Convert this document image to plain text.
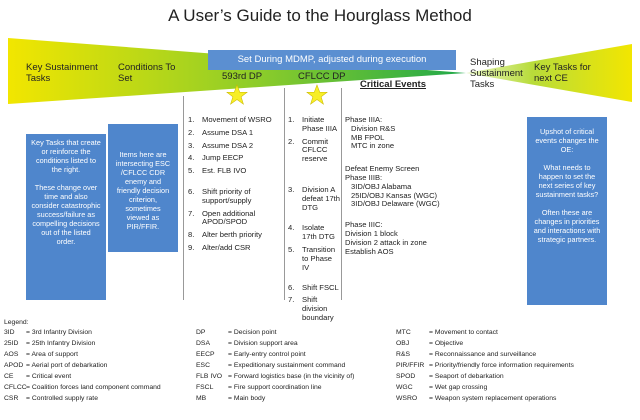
A User’s Guide to the Hourglass Method
Set During MDMP, adjusted during execution
Key Sustainment Tasks
Conditions To Set
Shaping Sustainment Tasks
Key Tasks for next CE
593rd DP	CFLCC DP
Critical Events

Key Tasks that create or reinforce the conditions listed to the right.

These change over time and also consider catastrophic success/failure as compelling decisions out of the listed order.

Items here are intersecting ESC /CFLCC CDR enemy and friendly decision criterion, sometimes viewed as PIR/FFIR.

Upshot of critical events changes the OE:

What needs to happen to set the next series of key sustainment tasks?

Often these are changes in priorities and interactions with strategic partners.

1. Movement of WSRO
2. Assume DSA 1
3. Assume DSA 2
4. Jump EECP
5. Est. FLB IVO
6. Shift priority of support/supply
7. Open additional APOD/SPOD
8. Alter berth priority
9. Alter/add CSR
1. Initiate Phase IIIA
2. Commit CFLCC reserve
3. Division A defeat 17th DTG
4. Isolate 17th DTG
5. Transition to Phase IV
6. Shift FSCL
7. Shift division boundary
Phase IIIA:
Division R&S
MB FPOL
MTC in zone
Defeat Enemy Screen
Phase IIIB:
3ID/OBJ Alabama
25ID/OBJ Kansas (WGC)
3ID/OBJ Delaware (WGC)
Phase IIIC:
Division 1 block
Division 2 attack in zone
Establish AOS
Legend:
3ID = 3rd Infantry Division
25ID = 25th Infantry Division
AOS = Area of support
APOD = Aerial port of debarkation
CE = Critical event
CFLCC = Coalition forces land component command
CSR = Controlled supply rate
DP	= Decision point
DSA	= Division support area
EECP = Early-entry control point
ESC	= Expeditionary sustainment command
FLB IVO = Forward logistics base (in the vicinity of)
FSCL = Fire support coordination line
MB	= Main body
MTC	= Movement to contact
OBJ	= Objective
R&S	= Reconnaissance and surveillance
PIR/FFIR = Priority/friendly force information requirements
SPOD = Seaport of debarkation
WGC = Wet gap crossing
WSRO = Weapon system replacement operations
